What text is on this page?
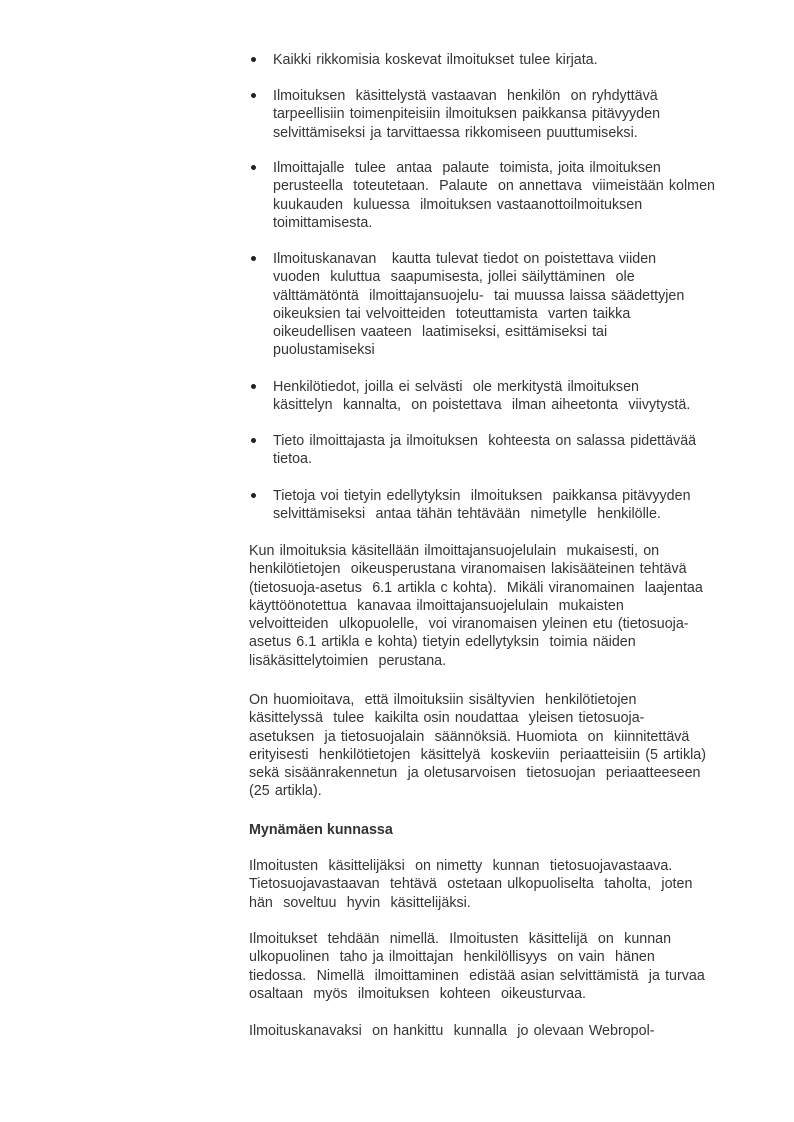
Mynämäen kunnassa
Kaikki rikkomisia koskevat ilmoitukset tulee kirjata.
Ilmoituksen  käsittelystä vastaavan  henkilön  on ryhdyttävä
tarpeellisiin toimenpiteisiin ilmoituksen paikkansa pitävyyden
selvittämiseksi ja tarvittaessa rikkomiseen puuttumiseksi.
Ilmoittajalle  tulee  antaa  palaute  toimista, joita ilmoituksen
perusteella  toteutetaan.  Palaute  on annettava  viimeistään kolmen
kuukauden  kuluessa  ilmoituksen vastaanottoilmoituksen
toimittamisesta.
Ilmoituskanavan   kautta tulevat tiedot on poistettava viiden
vuoden  kuluttua  saapumisesta, jollei säilyttäminen  ole
välttämätöntä  ilmoittajansuojelu-  tai muussa laissa säädettyjen
oikeuksien tai velvoitteiden  toteuttamista  varten taikka
oikeudellisen vaateen  laatimiseksi, esittämiseksi tai
puolustamiseksi
Henkilötiedot, joilla ei selvästi  ole merkitystä ilmoituksen
käsittelyn  kannalta,  on poistettava  ilman aiheetonta  viivytystä.
Tieto ilmoittajasta ja ilmoituksen  kohteesta on salassa pidettävää
tietoa.
Tietoja voi tietyin edellytyksin  ilmoituksen  paikkansa pitävyyden
selvittämiseksi  antaa tähän tehtävään  nimetylle  henkilölle.
Kun ilmoituksia käsitellään ilmoittajansuojelulain  mukaisesti, on
henkilötietojen  oikeusperustana viranomaisen lakisääteinen tehtävä
(tietosuoja-asetus  6.1 artikla c kohta).  Mikäli viranomainen  laajentaa
käyttöönotettua  kanavaa ilmoittajansuojelulain  mukaisten
velvoitteiden  ulkopuolelle,  voi viranomaisen yleinen etu (tietosuoja-
asetus 6.1 artikla e kohta) tietyin edellytyksin  toimia näiden
lisäkäsittelytoimien  perustana.
On huomioitava,  että ilmoituksiin sisältyvien  henkilötietojen
käsittelyssä  tulee  kaikilta osin noudattaa  yleisen tietosuoja-
asetuksen  ja tietosuojalain  säännöksiä. Huomiota  on  kiinnitettävä
erityisesti  henkilötietojen  käsittelyä  koskeviin  periaatteisiin (5 artikla)
sekä sisäänrakennetun  ja oletusarvoisen  tietosuojan  periaatteeseen
(25 artikla).
Ilmoitusten  käsittelijäksi  on nimetty  kunnan  tietosuojavastaava.
Tietosuojavastaavan  tehtävä  ostetaan ulkopuoliselta  taholta,  joten
hän  soveltuu  hyvin  käsittelijäksi.
Ilmoitukset  tehdään  nimellä.  Ilmoitusten  käsittelijä  on  kunnan
ulkopuolinen  taho ja ilmoittajan  henkilöllisyys  on vain  hänen
tiedossa.  Nimellä  ilmoittaminen  edistää asian selvittämistä  ja turvaa
osaltaan  myös  ilmoituksen  kohteen  oikeusturvaa.
Ilmoituskanavaksi  on hankittu  kunnalla  jo olevaan Webropol-
